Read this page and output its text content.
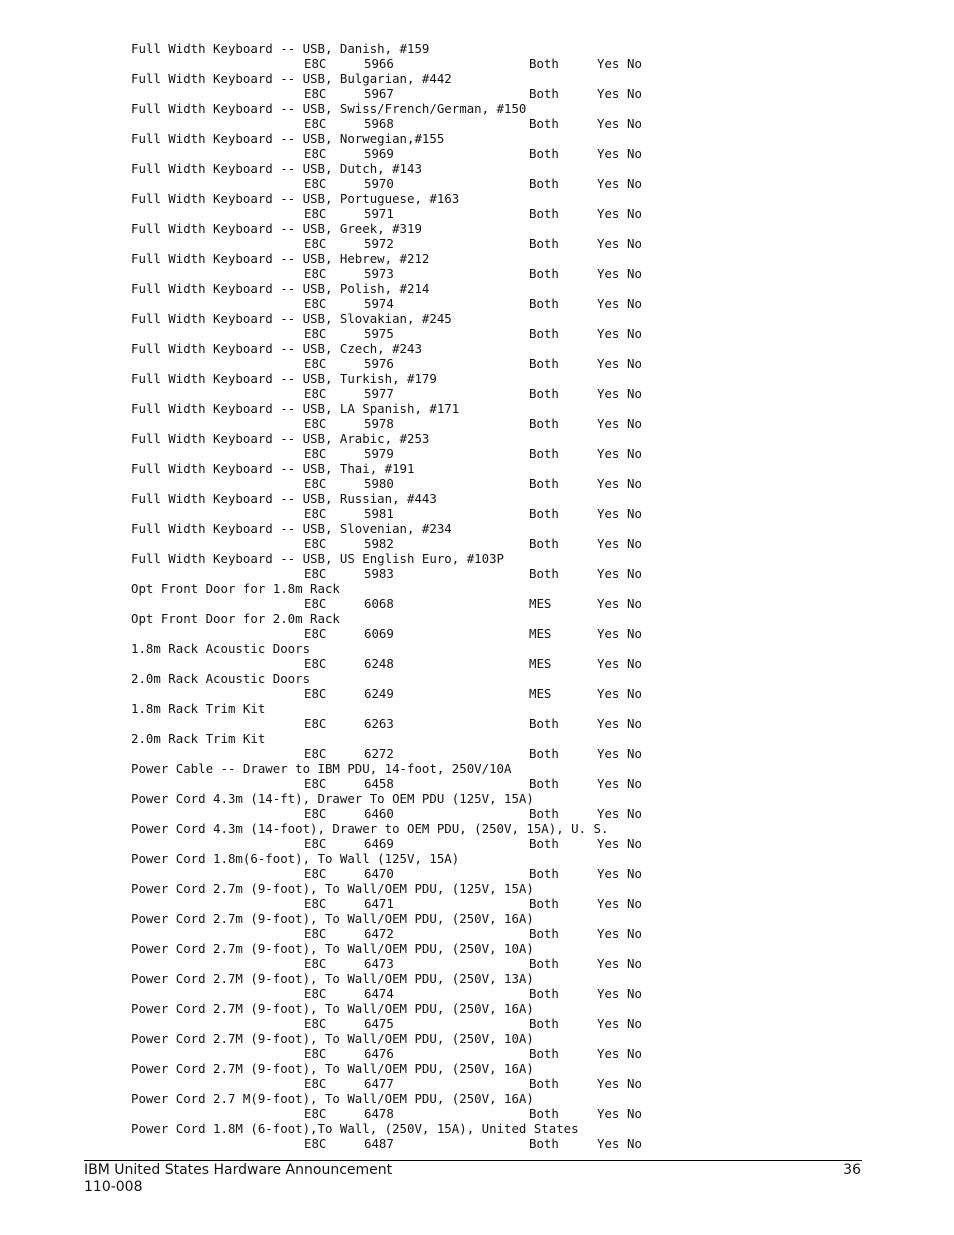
Full Width Keyboard -- USB, Danish, #159
E8C	5966	Both	Yes No
Full Width Keyboard -- USB, Bulgarian, #442
E8C	5967	Both	Yes No
Full Width Keyboard -- USB, Swiss/French/German, #150
E8C	5968	Both	Yes No
Full Width Keyboard -- USB, Norwegian,#155
E8C	5969	Both	Yes No
Full Width Keyboard -- USB, Dutch, #143
E8C	5970	Both	Yes No
Full Width Keyboard -- USB, Portuguese, #163
E8C	5971	Both	Yes No
Full Width Keyboard -- USB, Greek, #319
E8C	5972	Both	Yes No
Full Width Keyboard -- USB, Hebrew, #212
E8C	5973	Both	Yes No
Full Width Keyboard -- USB, Polish, #214
E8C	5974	Both	Yes No
Full Width Keyboard -- USB, Slovakian, #245
E8C	5975	Both	Yes No
Full Width Keyboard -- USB, Czech, #243
E8C	5976	Both	Yes No
Full Width Keyboard -- USB, Turkish, #179
E8C	5977	Both	Yes No
Full Width Keyboard -- USB, LA Spanish, #171
E8C	5978	Both	Yes No
Full Width Keyboard -- USB, Arabic, #253
E8C	5979	Both	Yes No
Full Width Keyboard -- USB, Thai, #191
E8C	5980	Both	Yes No
Full Width Keyboard -- USB, Russian, #443
E8C	5981	Both	Yes No
Full Width Keyboard -- USB, Slovenian, #234
E8C	5982	Both	Yes No
Full Width Keyboard -- USB, US English Euro, #103P
E8C	5983	Both	Yes No
Opt Front Door for 1.8m Rack
E8C	6068	MES	Yes No
Opt Front Door for 2.0m Rack
E8C	6069	MES	Yes No
1.8m Rack Acoustic Doors
E8C	6248	MES	Yes No
2.0m Rack Acoustic Doors
E8C	6249	MES	Yes No
1.8m Rack Trim Kit
E8C	6263	Both	Yes No
2.0m Rack Trim Kit
E8C	6272	Both	Yes No
Power Cable -- Drawer to IBM PDU, 14-foot, 250V/10A
E8C	6458	Both	Yes No
Power Cord 4.3m (14-ft), Drawer To OEM PDU (125V, 15A)
E8C	6460	Both	Yes No
Power Cord 4.3m (14-foot), Drawer to OEM PDU, (250V, 15A), U. S.
E8C	6469	Both	Yes No
Power Cord 1.8m(6-foot), To Wall (125V, 15A)
E8C	6470	Both	Yes No
Power Cord 2.7m (9-foot), To Wall/OEM PDU, (125V, 15A)
E8C	6471	Both	Yes No
Power Cord 2.7m (9-foot), To Wall/OEM PDU, (250V, 16A)
E8C	6472	Both	Yes No
Power Cord 2.7m (9-foot), To Wall/OEM PDU, (250V, 10A)
E8C	6473	Both	Yes No
Power Cord 2.7M (9-foot), To Wall/OEM PDU, (250V, 13A)
E8C	6474	Both	Yes No
Power Cord 2.7M (9-foot), To Wall/OEM PDU, (250V, 16A)
E8C	6475	Both	Yes No
Power Cord 2.7M (9-foot), To Wall/OEM PDU, (250V, 10A)
E8C	6476	Both	Yes No
Power Cord 2.7M (9-foot), To Wall/OEM PDU, (250V, 16A)
E8C	6477	Both	Yes No
Power Cord 2.7 M(9-foot), To Wall/OEM PDU, (250V, 16A)
E8C	6478	Both	Yes No
Power Cord 1.8M (6-foot),To Wall, (250V, 15A), United States
E8C	6487	Both	Yes No
IBM United States Hardware Announcement
110-008
36
